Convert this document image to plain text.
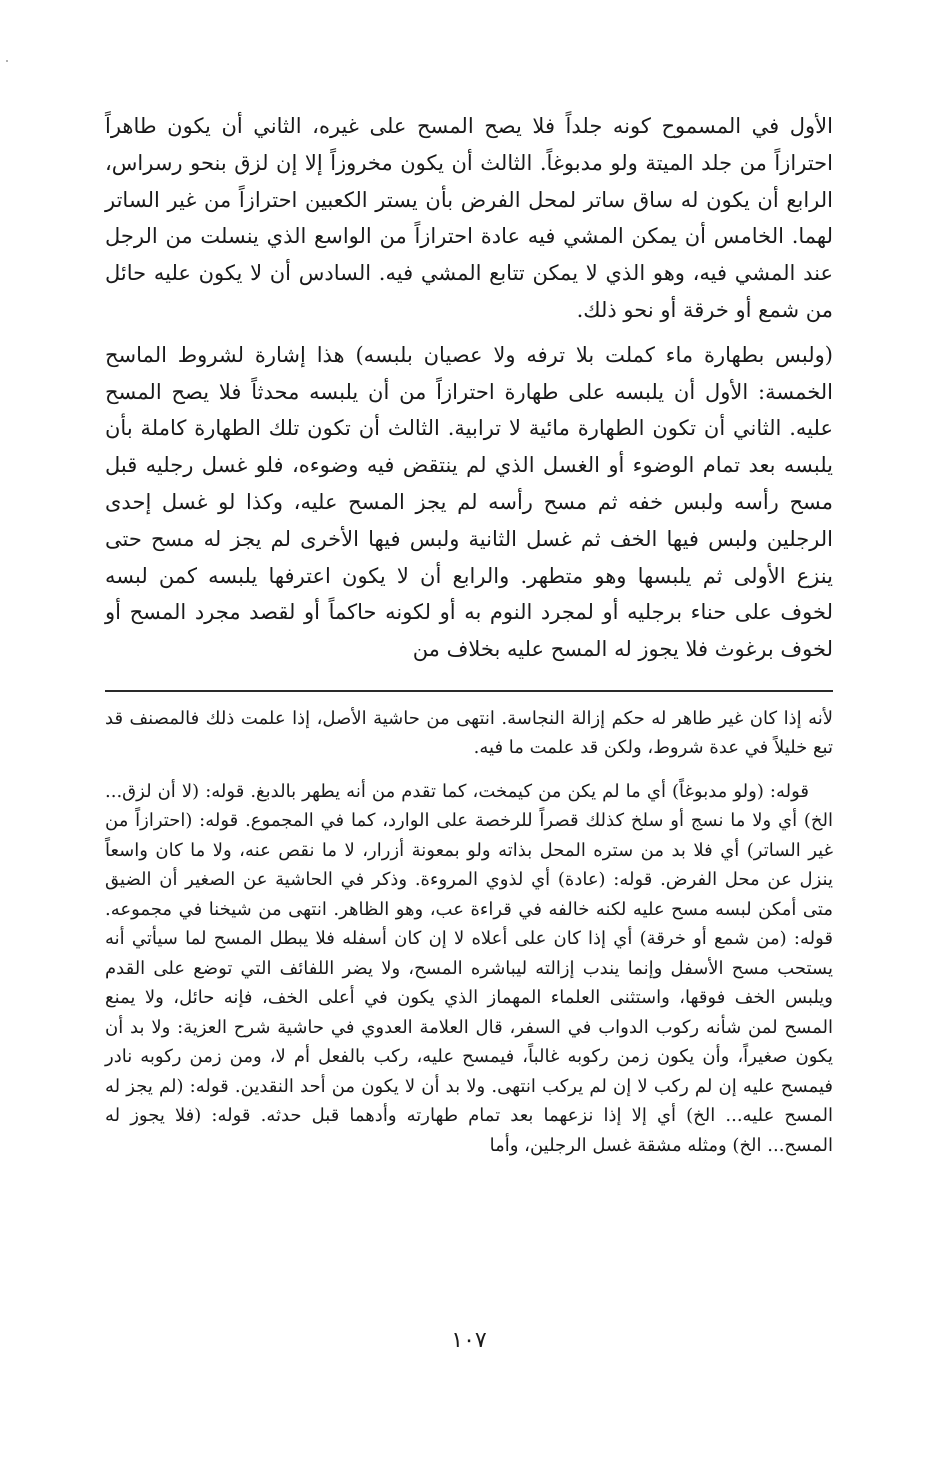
الأول في المسموح كونه جلداً فلا يصح المسح على غيره، الثاني أن يكون طاهراً احترازاً من جلد الميتة ولو مدبوغاً. الثالث أن يكون مخروزاً إلا إن لزق بنحو رسراس، الرابع أن يكون له ساق ساتر لمحل الفرض بأن يستر الكعبين احترازاً من غير الساتر لهما. الخامس أن يمكن المشي فيه عادة احترازاً من الواسع الذي ينسلت من الرجل عند المشي فيه، وهو الذي لا يمكن تتابع المشي فيه. السادس أن لا يكون عليه حائل من شمع أو خرقة أو نحو ذلك.

(ولبس بطهارة ماء كملت بلا ترفه ولا عصيان بلبسه) هذا إشارة لشروط الماسح الخمسة: الأول أن يلبسه على طهارة احترازاً من أن يلبسه محدثاً فلا يصح المسح عليه. الثاني أن تكون الطهارة مائية لا ترابية. الثالث أن تكون تلك الطهارة كاملة بأن يلبسه بعد تمام الوضوء أو الغسل الذي لم ينتقض فيه وضوءه، فلو غسل رجليه قبل مسح رأسه ولبس خفه ثم مسح رأسه لم يجز المسح عليه، وكذا لو غسل إحدى الرجلين ولبس فيها الخف ثم غسل الثانية ولبس فيها الأخرى لم يجز له مسح حتى ينزع الأولى ثم يلبسها وهو متطهر. والرابع أن لا يكون اعترفها يلبسه كمن لبسه لخوف على حناء برجليه أو لمجرد النوم به أو لكونه حاكماً أو لقصد مجرد المسح أو لخوف برغوث فلا يجوز له المسح عليه بخلاف من

لأنه إذا كان غير طاهر له حكم إزالة النجاسة. انتهى من حاشية الأصل، إذا علمت ذلك فالمصنف قد تبع خليلاً في عدة شروط، ولكن قد علمت ما فيه.

قوله: (ولو مدبوغاً) أي ما لم يكن من كيمخت، كما تقدم من أنه يطهر بالدبغ. قوله: (لا أن لزق... الخ) أي ولا ما نسج أو سلخ كذلك قصراً للرخصة على الوارد، كما في المجموع. قوله: (احترازاً من غير الساتر) أي فلا بد من ستره المحل بذاته ولو بمعونة أزرار، لا ما نقص عنه، ولا ما كان واسعاً ينزل عن محل الفرض. قوله: (عادة) أي لذوي المروءة. وذكر في الحاشية عن الصغير أن الضيق متى أمكن لبسه مسح عليه لكنه خالفه في قراءة عب، وهو الظاهر. انتهى من شيخنا في مجموعه. قوله: (من شمع أو خرقة) أي إذا كان على أعلاه لا إن كان أسفله فلا يبطل المسح لما سيأتي أنه يستحب مسح الأسفل وإنما يندب إزالته ليباشره المسح، ولا يضر اللفائف التي توضع على القدم ويلبس الخف فوقها، واستثنى العلماء المهماز الذي يكون في أعلى الخف، فإنه حائل، ولا يمنع المسح لمن شأنه ركوب الدواب في السفر، قال العلامة العدوي في حاشية شرح العزية: ولا بد أن يكون صغيراً، وأن يكون زمن ركوبه غالباً، فيمسح عليه، ركب بالفعل أم لا، ومن زمن ركوبه نادر فيمسح عليه إن لم ركب لا إن لم يركب انتهى. ولا بد أن لا يكون من أحد النقدين. قوله: (لم يجز له المسح عليه... الخ) أي إلا إذا نزعهما بعد تمام طهارته وأدهما قبل حدثه. قوله: (فلا يجوز له المسح... الخ) ومثله مشقة غسل الرجلين، وأما

١٠٧
